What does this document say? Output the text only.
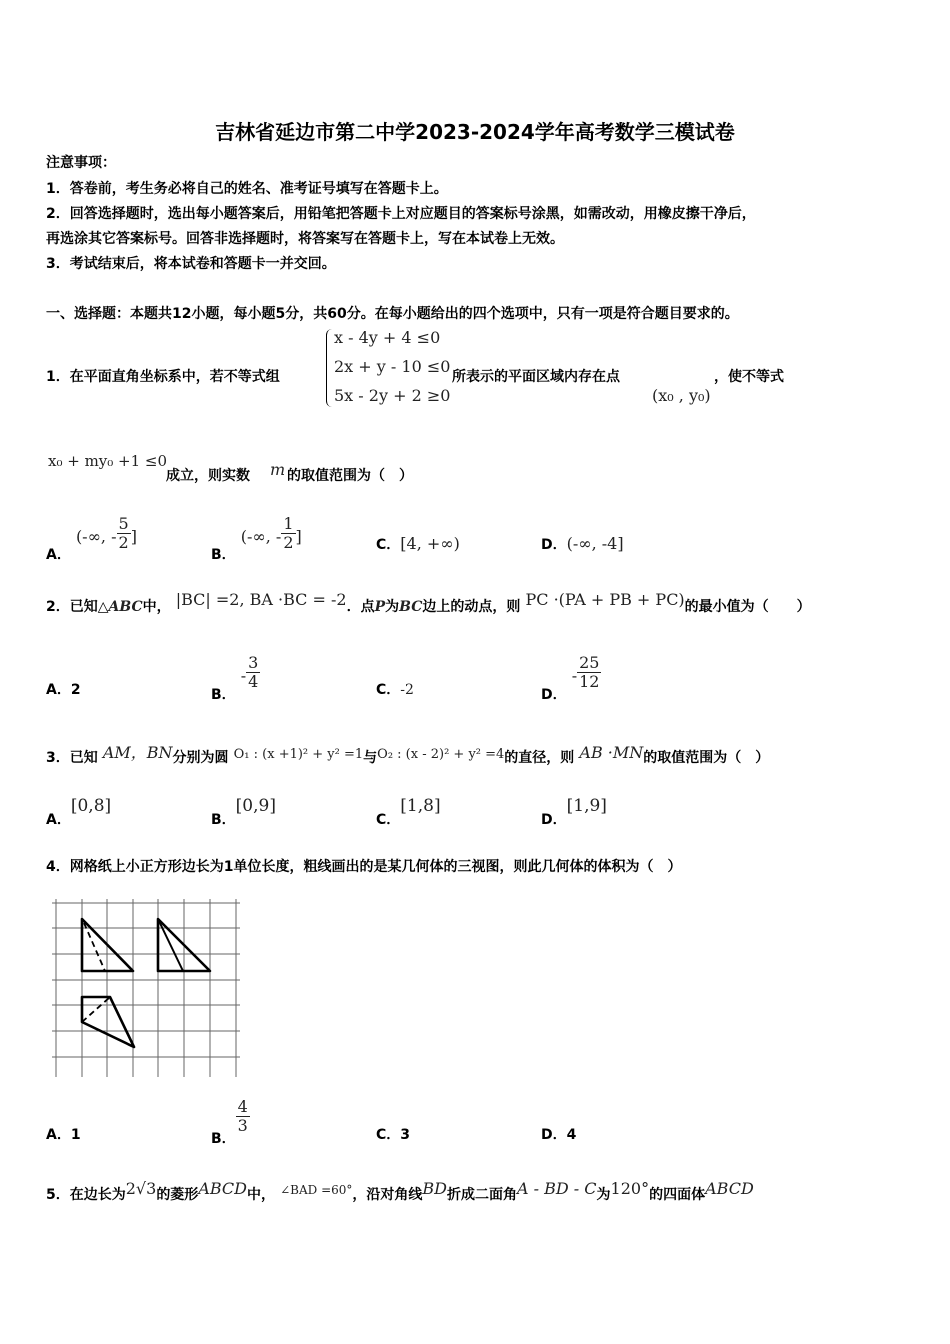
吉林省延边市第二中学2023-2024学年高考数学三模试卷
注意事项：
1．答卷前，考生务必将自己的姓名、准考证号填写在答题卡上。
2．回答选择题时，选出每小题答案后，用铅笔把答题卡上对应题目的答案标号涂黑，如需改动，用橡皮擦干净后，
再选涂其它答案标号。回答非选择题时，将答案写在答题卡上，写在本试卷上无效。
3．考试结束后，将本试卷和答题卡一并交回。
一、选择题：本题共12小题，每小题5分，共60分。在每小题给出的四个选项中，只有一项是符合题目要求的。
1．在平面直角坐标系中，若不等式组
x - 4y + 4 ≤0
2x + y - 10 ≤0
5x - 2y + 2 ≥0
所表示的平面区域内存在点
(x₀ , y₀)
，使不等式
x₀ + my₀ +1 ≤0
成立，则实数 m 的取值范围为（　）
A． (-∞, - $\frac{5}{2}$ ]
B． (-∞, - $\frac{1}{2}$ ]	C．[4, +∞)	D．(-∞, -4]
2．已知△ABC中， |BC| =2, BA ·BC = -2．点P为BC边上的动点，则 PC ·(PA + PB + PC)的最小值为（　　）
A．2	B． - $\frac{3}{4}$	C．-2	D． - $\frac{25}{12}$
3．已知 AM，BN分别为圆 $^{O_1 : (x +1)^2 + y^2 =1}$与$^{O_2 : (x - 2)^2 + y^2 =4}$的直径，则 AB ·MN的取值范围为（　）
A．[0,8]
B．[0,9]
C．[1,8]
D．[1,9]
4．网格纸上小正方形边长为1单位长度，粗线画出的是某几何体的三视图，则此几何体的体积为（　）
A．1	B．
$\frac{4}{3}$	C．3	D．4
5．在边长为2√3的菱形ABCD中， $^{\angle BAD =60^\circ}$，沿对角线BD折成二面角A - BD - C为120°的四面体ABCD
